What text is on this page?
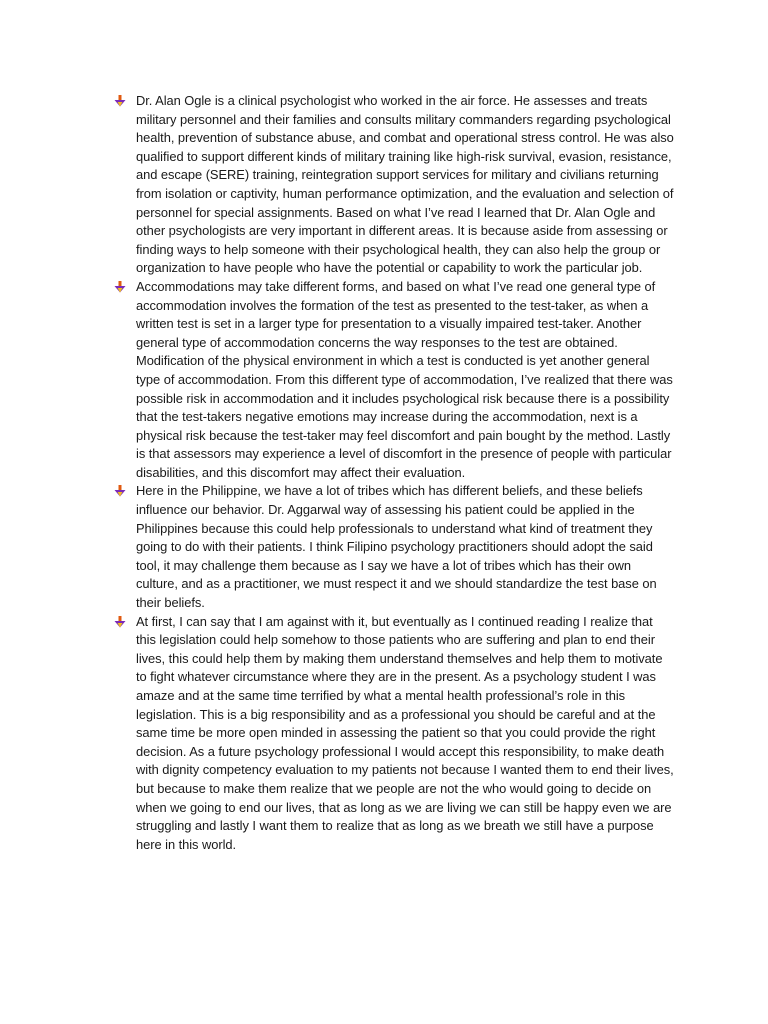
Dr. Alan Ogle is a clinical psychologist who worked in the air force. He assesses and treats military personnel and their families and consults military commanders regarding psychological health, prevention of substance abuse, and combat and operational stress control. He was also qualified to support different kinds of military training like high-risk survival, evasion, resistance, and escape (SERE) training, reintegration support services for military and civilians returning from isolation or captivity, human performance optimization, and the evaluation and selection of personnel for special assignments. Based on what I’ve read I learned that Dr. Alan Ogle and other psychologists are very important in different areas. It is because aside from assessing or finding ways to help someone with their psychological health, they can also help the group or organization to have people who have the potential or capability to work the particular job.
Accommodations may take different forms, and based on what I’ve read one general type of accommodation involves the formation of the test as presented to the test-taker, as when a written test is set in a larger type for presentation to a visually impaired test-taker. Another general type of accommodation concerns the way responses to the test are obtained. Modification of the physical environment in which a test is conducted is yet another general type of accommodation. From this different type of accommodation, I’ve realized that there was possible risk in accommodation and it includes psychological risk because there is a possibility that the test-takers negative emotions may increase during the accommodation, next is a physical risk because the test-taker may feel discomfort and pain bought by the method. Lastly is that assessors may experience a level of discomfort in the presence of people with particular disabilities, and this discomfort may affect their evaluation.
Here in the Philippine, we have a lot of tribes which has different beliefs, and these beliefs influence our behavior. Dr. Aggarwal way of assessing his patient could be applied in the Philippines because this could help professionals to understand what kind of treatment they going to do with their patients. I think Filipino psychology practitioners should adopt the said tool, it may challenge them because as I say we have a lot of tribes which has their own culture, and as a practitioner, we must respect it and we should standardize the test base on their beliefs.
At first, I can say that I am against with it, but eventually as I continued reading I realize that this legislation could help somehow to those patients who are suffering and plan to end their lives, this could help them by making them understand themselves and help them to motivate to fight whatever circumstance where they are in the present. As a psychology student I was amaze and at the same time terrified by what a mental health professional’s role in this legislation. This is a big responsibility and as a professional you should be careful and at the same time be more open minded in assessing the patient so that you could provide the right decision. As a future psychology professional I would accept this responsibility, to make death with dignity competency evaluation to my patients not because I wanted them to end their lives, but because to make them realize that we people are not the who would going to decide on when we going to end our lives, that as long as we are living we can still be happy even we are struggling and lastly I want them to realize that as long as we breath we still have a purpose here in this world.
